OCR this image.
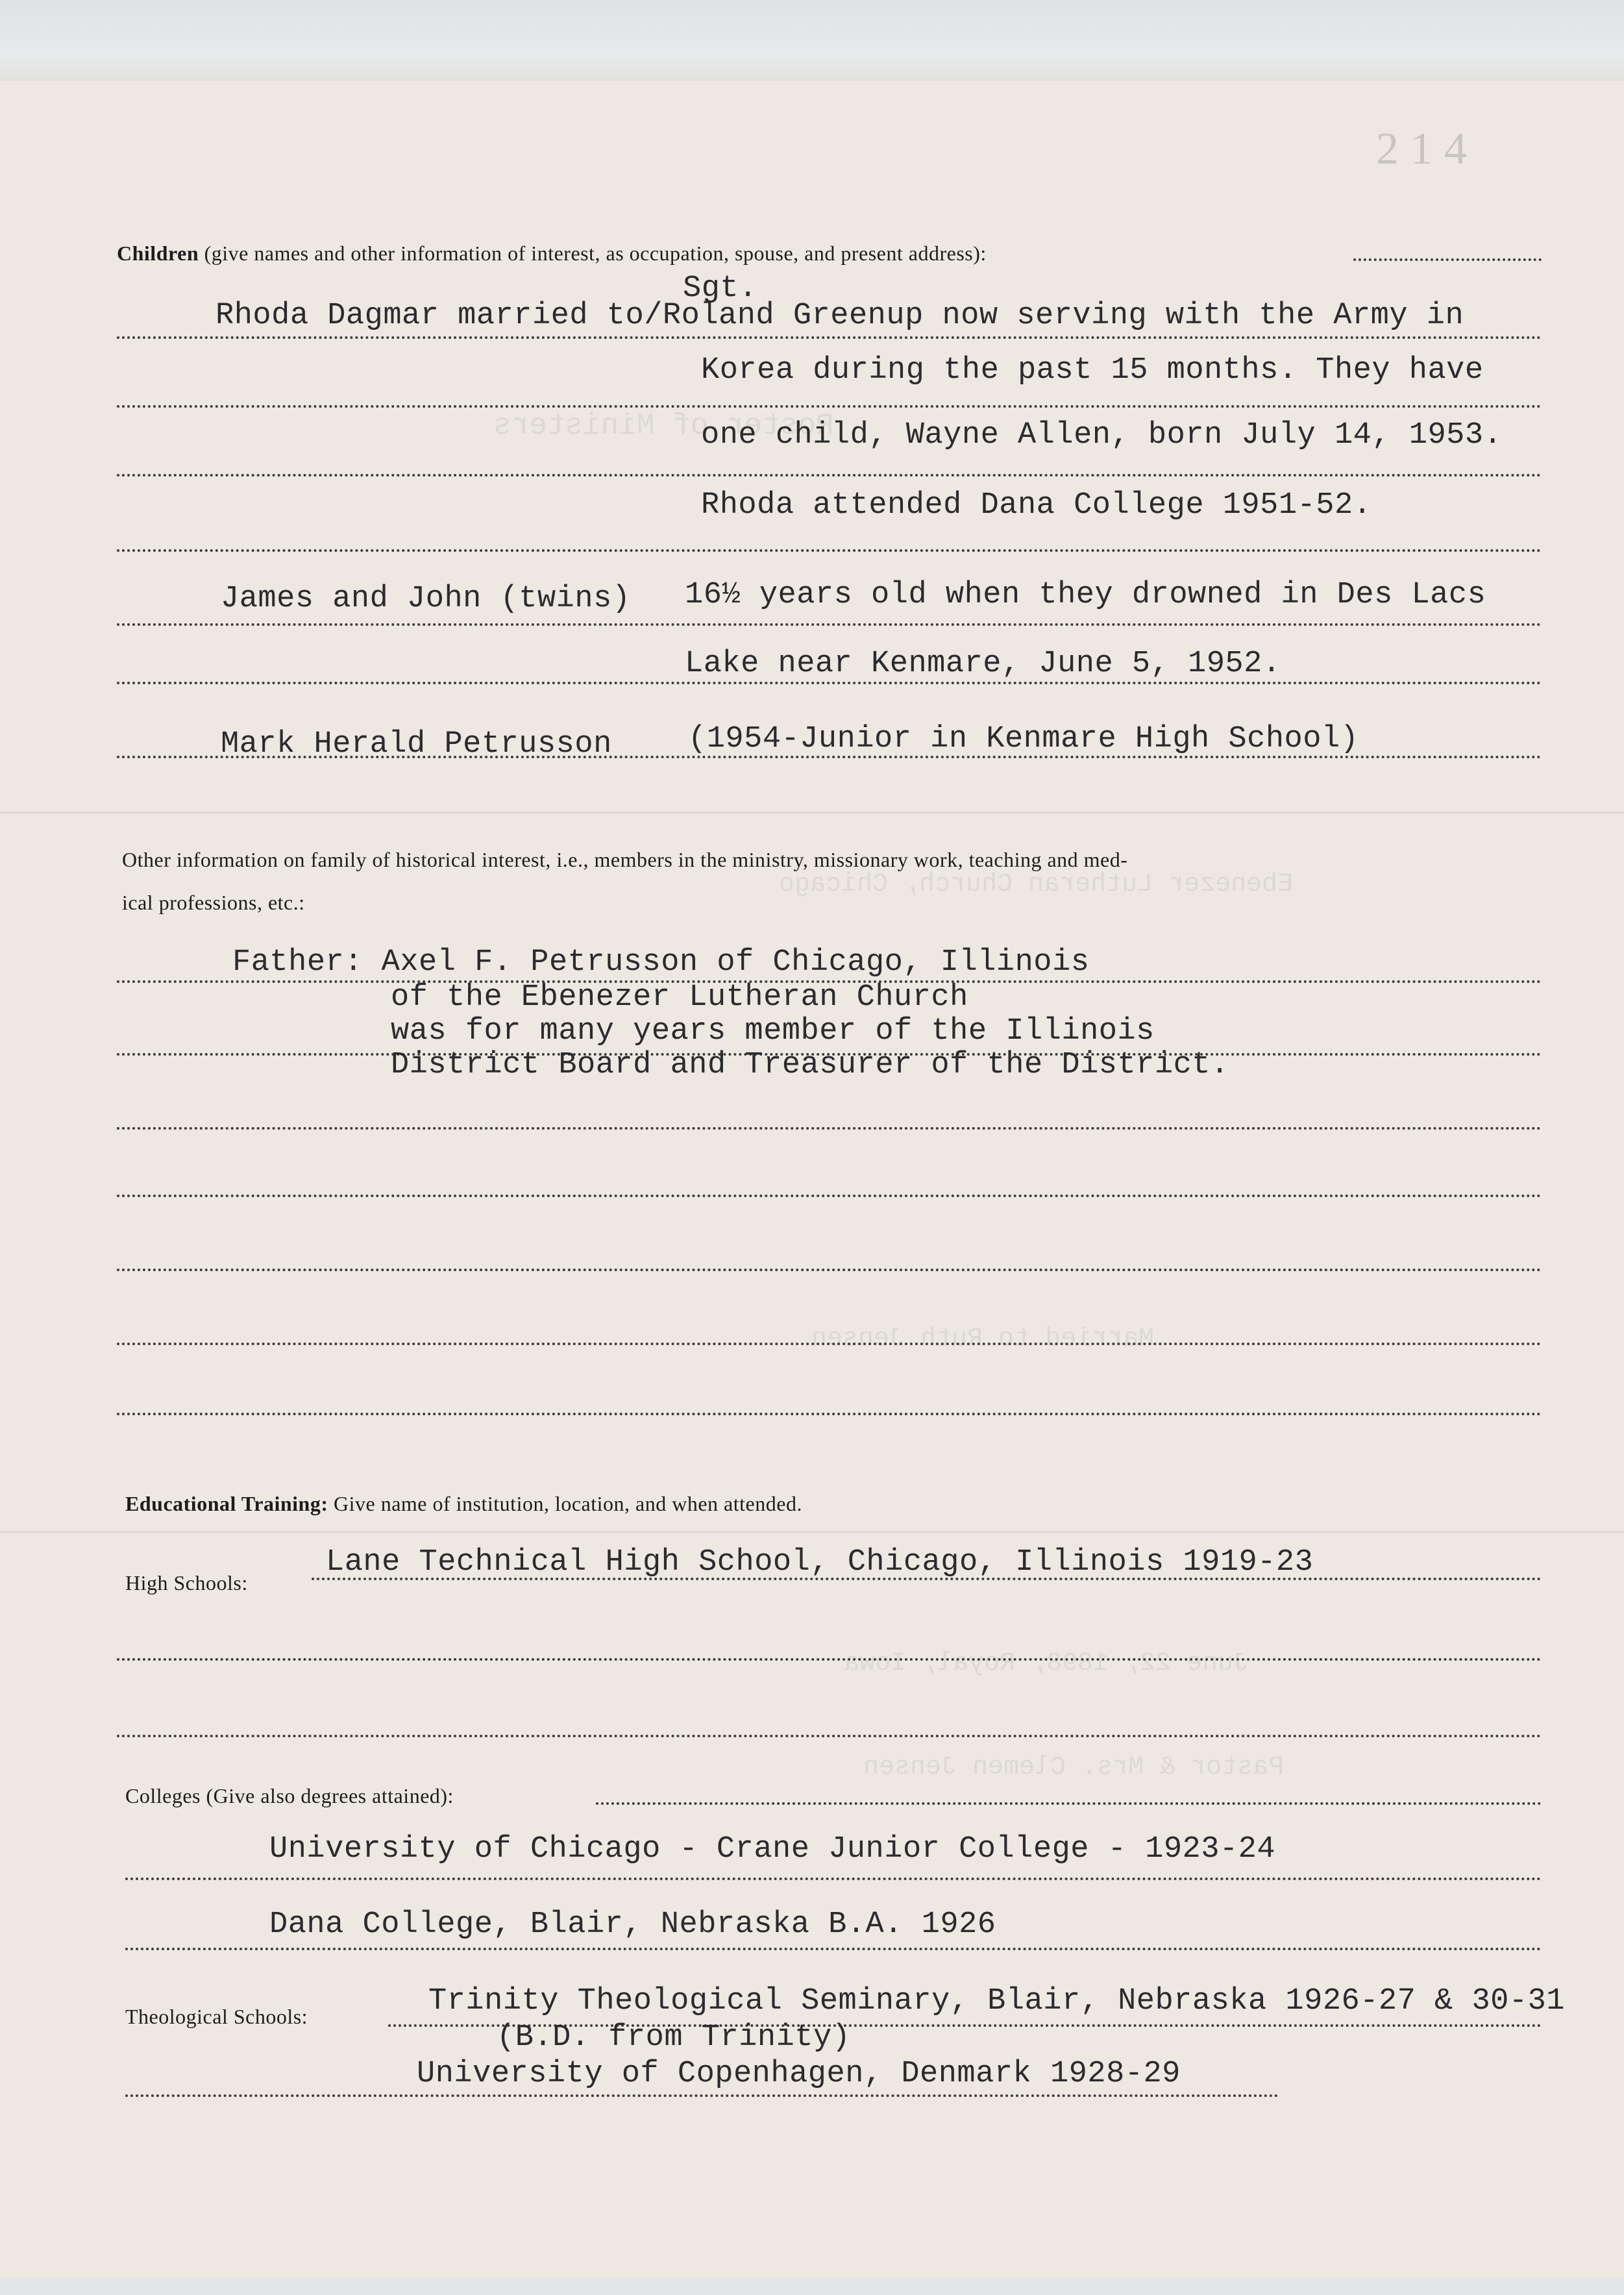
Roster of Ministers
Ebenezer Lutheran Church, Chicago
Married to Ruth Jensen
June 22, 1898, Royal, Iowa
Pastor & Mrs. Clemen Jensen
2 1 4
Children (give names and other information of interest, as occupation, spouse, and present address):
Sgt.
Rhoda Dagmar married to/Roland Greenup now serving with the Army in
Korea during the past 15 months. They have
one child, Wayne Allen, born July 14, 1953.
Rhoda attended Dana College 1951-52.
James and John (twins) 16½ years old when they drowned in Des Lacs
Lake near Kenmare, June 5, 1952.
Mark Herald Petrusson (1954-Junior in Kenmare High School)
Other information on family of historical interest, i.e., members in the ministry, missionary work, teaching and med-
ical professions, etc.:
Father: Axel F. Petrusson of Chicago, Illinois
of the Ebenezer Lutheran Church
was for many years member of the Illinois
District Board and Treasurer of the District.
Educational Training: Give name of institution, location, and when attended.
High Schools:
Lane Technical High School, Chicago, Illinois 1919-23
Colleges (Give also degrees attained):
University of Chicago - Crane Junior College - 1923-24
Dana College, Blair, Nebraska B.A. 1926
Theological Schools:	Trinity Theological Seminary, Blair, Nebraska 1926-27 & 30-31
(B.D. from Trinity)
University of Copenhagen, Denmark 1928-29
